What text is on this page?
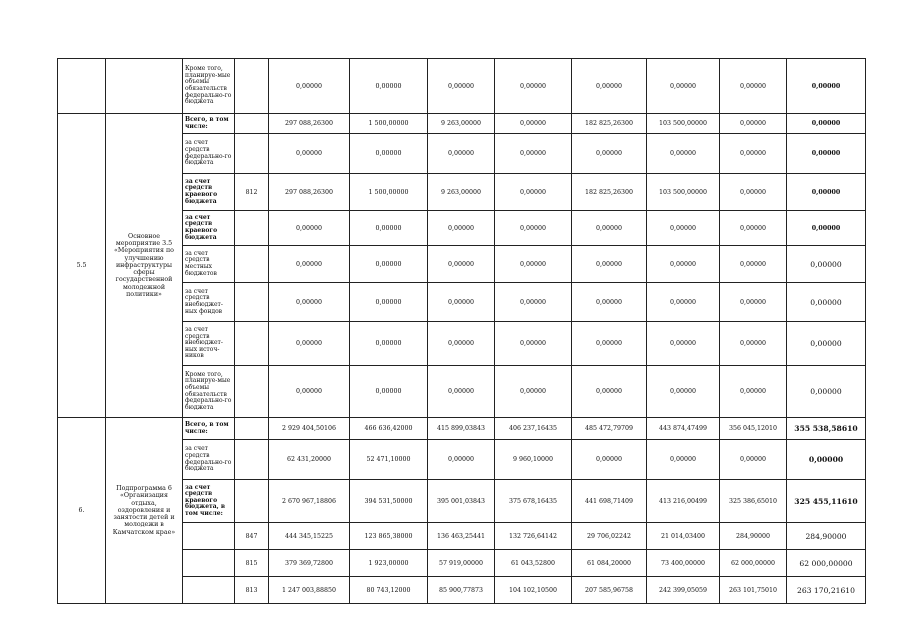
		Кроме того, планируе-мые объемы обязательств федерально-го бюджета		0,00000	0,00000	0,00000	0,00000	0,00000	0,00000	0,00000	0,00000
5.5	Основное мероприятие 3.5 «Мероприятия по улучшению инфраструктуры сферы государственной молодежной политики»	Всего, в том числе:		297 088,26300	1 500,00000	9 263,00000	0,00000	182 825,26300	103 500,00000	0,00000	0,00000
		за счет средств федерально-го бюджета		0,00000	0,00000	0,00000	0,00000	0,00000	0,00000	0,00000	0,00000
		за счет средств краевого бюджета	812	297 088,26300	1 500,00000	9 263,00000	0,00000	182 825,26300	103 500,00000	0,00000	0,00000
		за счет средств краевого бюджета		0,00000	0,00000	0,00000	0,00000	0,00000	0,00000	0,00000	0,00000
		за счет средств местных бюджетов		0,00000	0,00000	0,00000	0,00000	0,00000	0,00000	0,00000	0,00000
		за счет средств внебюджет-ных фондов		0,00000	0,00000	0,00000	0,00000	0,00000	0,00000	0,00000	0,00000
		за счет средств внебюджет-ных источ-ников		0,00000	0,00000	0,00000	0,00000	0,00000	0,00000	0,00000	0,00000
		Кроме того, планируе-мые объемы обязательств федерально-го бюджета		0,00000	0,00000	0,00000	0,00000	0,00000	0,00000	0,00000	0,00000
6.	Подпрограмма 6 «Организация отдыха, оздоровления и занятости детей и молодежи в Камчатском крае»	Всего, в том числе:		2 929 404,50106	466 636,42000	415 899,03843	406 237,16435	485 472,79709	443 874,47499	356 045,12010	355 538,58610
		за счет средств федерально-го бюджета		62 431,20000	52 471,10000	0,00000	9 960,10000	0,00000	0,00000	0,00000	0,00000
		за счет средств краевого бюджета, в том числе:		2 670 967,18806	394 531,50000	395 001,03843	375 678,16435	441 698,71409	413 216,00499	325 386,65010	325 455,11610
			847	444 345,15225	123 865,38000	136 463,25441	132 726,64142	29 706,02242	21 014,03400	284,90000	284,90000
			815	379 369,72800	1 923,00000	57 919,00000	61 043,52800	61 084,20000	73 400,00000	62 000,00000	62 000,00000
			813	1 247 003,88850	80 743,12000	85 900,77873	104 102,10500	207 585,96758	242 399,05059	263 101,75010	263 170,21610
